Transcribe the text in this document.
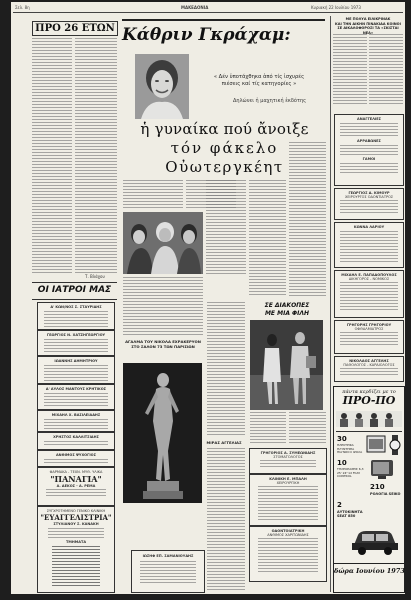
Σελ. 8η	ΜΑΚΕΔΟΝΙΑ	Κυριακή 22 Ιουλίου 1973
ΠΡΟ 26 ΕΤΩΝ
Τ. Βλάχου
ΟΙ ΙΑΤΡΟΙ ΜΑΣ
Δ' ΚΩΝ/ΝΟΣ Σ. ΣΤΑΥΡΙΔΗΣ
ΓΕΩΡΓΙΟΣ Ν. ΧΑΤΖΗΓΕΩΡΓΙΟΥ
ΙΩΑΝΝΗΣ ΔΗΜΗΤΡΙΟΥ
Δ' ΑΥΛΟΣ ΜΑΝΤΟΥΣ ΚΡΗΤΙΚΟΣ
ΜΙΧΑΗΛ Χ. ΒΑΣΙΛΕΙΑΔΗΣ
ΧΡΗΣΤΟΣ ΚΑΛΛΙΤΣΙΔΗΣ
ΑΝΘΙΜΟΣ ΨΥΧΟΓΙΟΣ
ΦΑΡΜΑΚΑ - ΤΕΧΝ. ΜΥΘ. ΥΛΙΚΑ
"ΠΑΝΑΓΙΑ"
Α. ΔΕΚΟΣ - Α. ΡΕΜΑ
ΣΥΓΧΡΟΤΗΜΕΝΟ ΓΕΝΙΚΟ ΚΛΙΝΙΚΗ
"ΕΥΑΓΓΕΛΙΣΤΡΙΑ"
ΣΤΥΛΙΑΝΟΥ Σ. ΚΑΝΑΚΗ
ΤΜΗΜΑΤΑ
Κάθριν Γκράχαμ:
« Δέν ὑποτάχθηκα ἀπό τίς ἰσχυρές
πιέσεις καί τίς κατηγορίες »
Δηλώνει ἡ μαχητική ἐκδότης
ἡ γυναίκα πού ἄνοιξε
τόν φάκελο
Οὐωτεργκέητ
ΑΓΑΛΜΑ ΤΟΥ ΝΙΚΟΛΑ ΕΧΡΑΚΕΡΥΟΝ
ΣΤΟ ΣΑΛΟΝ 73 ΤΩΝ ΠΑΡΙΣΙΩΝ
ΣΕ ΔΙΑΚΟΠΕΣ
ΜΕ ΜΙΑ ΦΙΛΗ
ΜΙΡΑΣ ΑΓΓΕΛΙΑΣ
ΙΩΣΗΦ ΕΠ. ΣΑΜΑΝΙΟΥΔΗΣ
ΓΡΗΓΟΡΙΟΣ Α. ΣΥΜΕΩΝΙΔΗΣ
ΣΤΟΜΑΤΟΛΟΓΟΣ
ΚΛΙΝΙΚΗ Ε. ΜΠΑΛΗ
ΧΕΙΡΟΥΡΓΙΚΗ
ΟΔΟΝΤΟΙΑΤΡΙΚΗ
ΑΝΘΙΜΟΣ ΧΑΡΙΤΩΝΙΔΗΣ
ΜΕ ΠΟΛΥΑ ΕΙΛΙΚΡΙΝΑΚ
ΚΑΙ ΤΗΝ ΔΙΚΗΝ ΠΙΝΑΚΙΔΑ ΚΟΙΝΟΙ
ΣΕ ΑΙΚΑΛΟΦΟΡΟΣΙ ΤΑ «ΣΚΙΣΤΑΙ ΝΕΑ»
ΑΝΑΓΓΕΛΙΕΣ
ΑΡΡΑΒΩΝΕΣ
ΓΑΜΟΙ
ΓΕΩΡΓΙΟΣ Δ. ΚΙΜΟΥΡ
ΧΕΙΡΟΥΡΓΟΣ ΟΔΟΝΤΙΑΤΡΟΣ
ΚΩΝΝΑ ΛΑΡΙΟΥ
ΜΙΧΑΗΛ Ε. ΠΑΠΑΔΟΠΟΥΛΟΣ
ΔΙΚΗΓΟΡΟΣ - ΝΟΜΙΚΟΣ
ΓΡΗΓΟΡΗΣ ΓΡΗΓΟΡΙΟΥ
ΟΦΘΑΛΜΙΑΤΡΟΣ
ΝΙΚΟΛΑΟΣ ΑΓΓΕΛΗΣ
ΠΑΘΟΛΟΓΟΣ - ΚΑΡΔΙΟΛΟΓΟΣ
πάντα κερδίζει με το
ΠΡΟ-ΠΟ
30
ΗΛΕΚΤΡΙΚΑ ΠΛΥΝΤΗΡΙΑ ΠΙΑΤΩΝ Ο ΙΖΟΛΑ
10
ΤΗΛΕΟΡΑΣΕΙΣ 6,3 25' 24''1d FILM CONTROL
210
ΡΟΛΟΓΙΑ SEIKO
2
ΑΥΤΟΚΙΝΗΤΑ SEAT 850
δώρα Ιουνίου 1973
